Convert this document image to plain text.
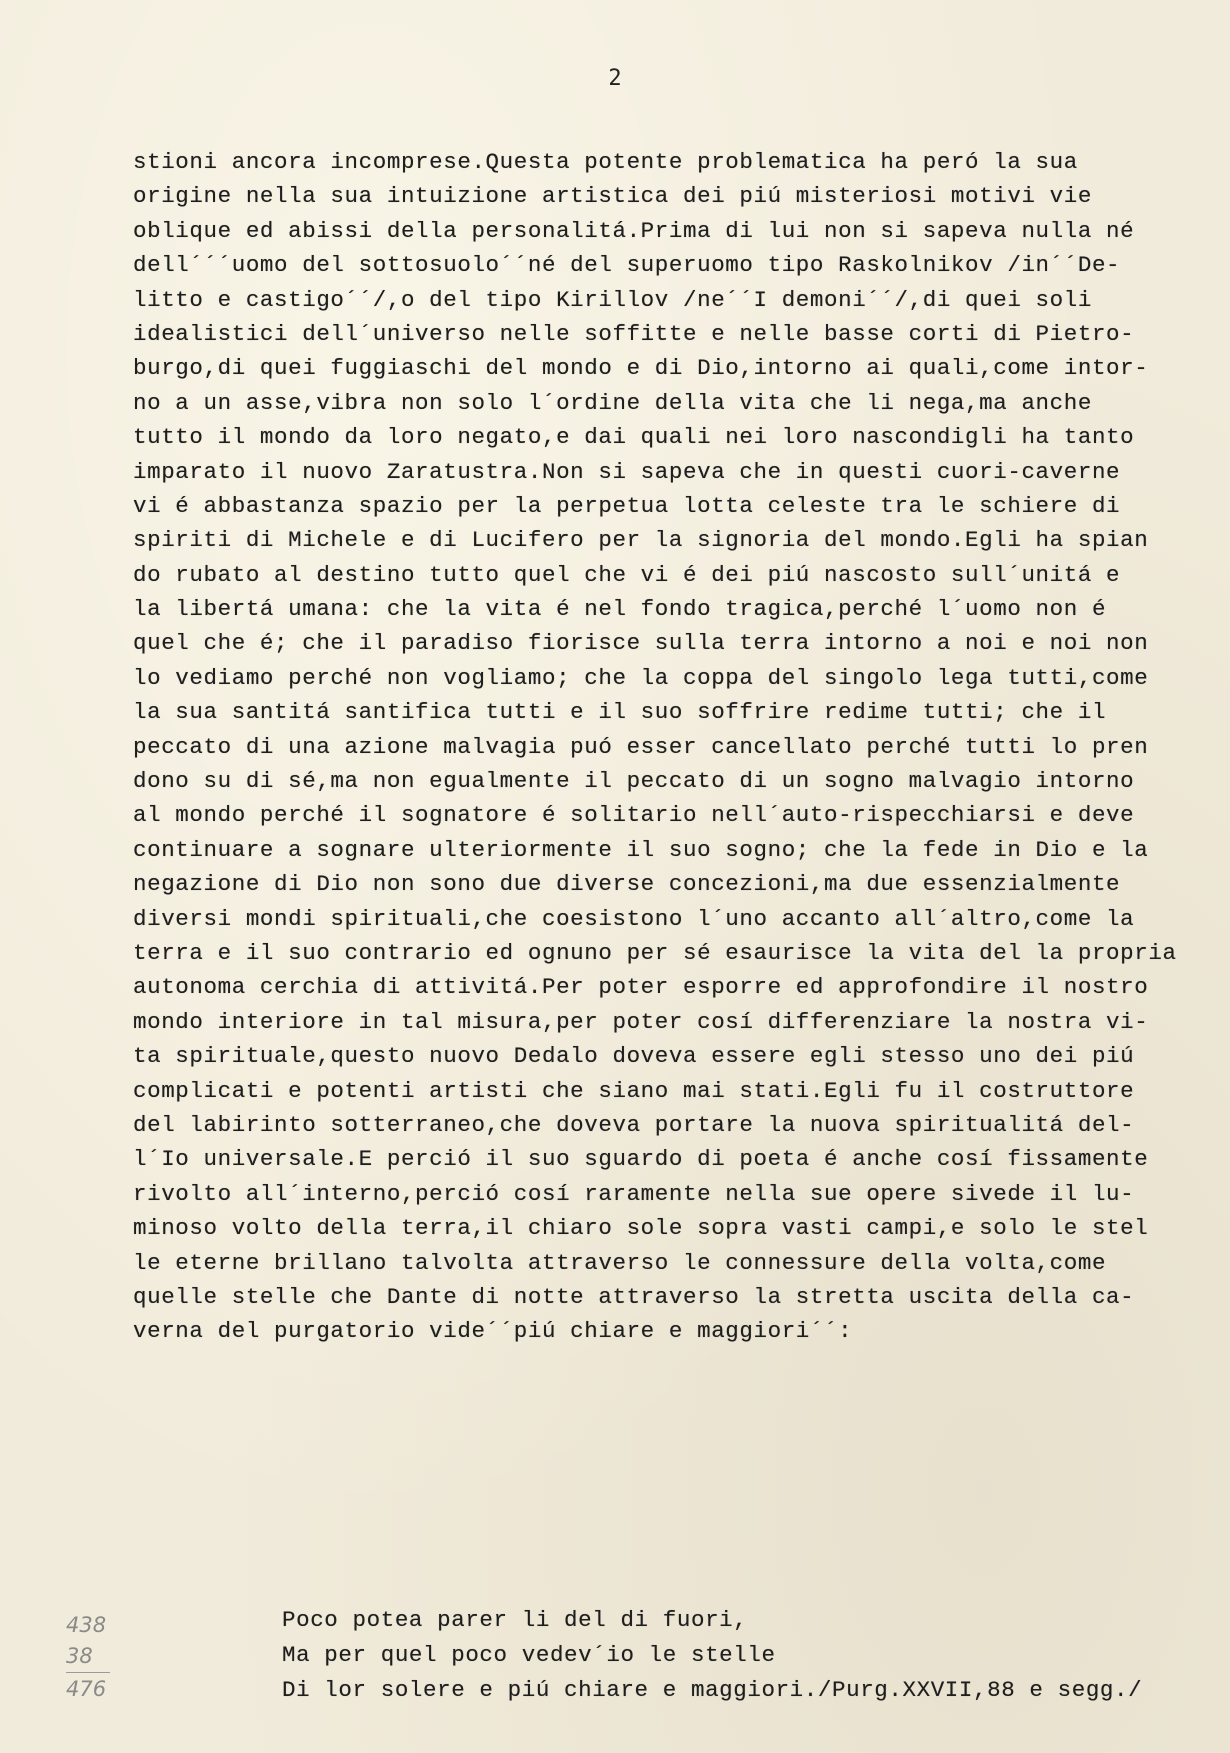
2
stioni ancora incomprese.Questa potente problematica ha peró la sua
origine nella sua intuizione artistica dei piú misteriosi motivi vie
oblique ed abissi della personalitá.Prima di lui non si sapeva nulla né
dell´´´uomo del sottosuolo´´né del superuomo tipo Raskolnikov /in´´De-
litto e castigo´´/,o del tipo Kirillov /ne´´I demoni´´/,di quei soli
idealistici dell´universo nelle soffitte e nelle basse corti di Pietro-
burgo,di quei fuggiaschi del mondo e di Dio,intorno ai quali,come intor-
no a un asse,vibra non solo l´ordine della vita che li nega,ma anche
tutto il mondo da loro negato,e dai quali nei loro nascondigli ha tanto
imparato il nuovo Zaratustra.Non si sapeva che in questi cuori-caverne
vi é abbastanza spazio per la perpetua lotta celeste tra le schiere di
spiriti di Michele e di Lucifero per la signoria del mondo.Egli ha spian
do rubato al destino tutto quel che vi é dei piú nascosto sull´unitá e
la libertá umana: che la vita é nel fondo tragica,perché l´uomo non é
quel che é; che il paradiso fiorisce sulla terra intorno a noi e noi non
lo vediamo perché non vogliamo; che la coppa del singolo lega tutti,come
la sua santitá santifica tutti e il suo soffrire redime tutti; che il
peccato di una azione malvagia puó esser cancellato perché tutti lo pren
dono su di sé,ma non egualmente il peccato di un sogno malvagio intorno
al mondo perché il sognatore é solitario nell´auto-rispecchiarsi e deve
continuare a sognare ulteriormente il suo sogno; che la fede in Dio e la
negazione di Dio non sono due diverse concezioni,ma due essenzialmente
diversi mondi spirituali,che coesistono l´uno accanto all´altro,come la
terra e il suo contrario ed ognuno per sé esaurisce la vita del la propria
autonoma cerchia di attivitá.Per poter esporre ed approfondire il nostro
mondo interiore in tal misura,per poter cosí differenziare la nostra vi-
ta spirituale,questo nuovo Dedalo doveva essere egli stesso uno dei piú
complicati e potenti artisti che siano mai stati.Egli fu il costruttore
del labirinto sotterraneo,che doveva portare la nuova spiritualitá del-
l´Io universale.E perció il suo sguardo di poeta é anche cosí fissamente
rivolto all´interno,perció cosí raramente nella sue opere sivede il lu-
minoso volto della terra,il chiaro sole sopra vasti campi,e solo le stel
le eterne brillano talvolta attraverso le connessure della volta,come
quelle stelle che Dante di notte attraverso la stretta uscita della ca-
verna del purgatorio vide´´piú chiare e maggiori´´:
Poco potea parer li del di fuori,
Ma per quel poco vedev´io le stelle
Di lor solere e piú chiare e maggiori./Purg.XXVII,88 e segg./
438
38
476
